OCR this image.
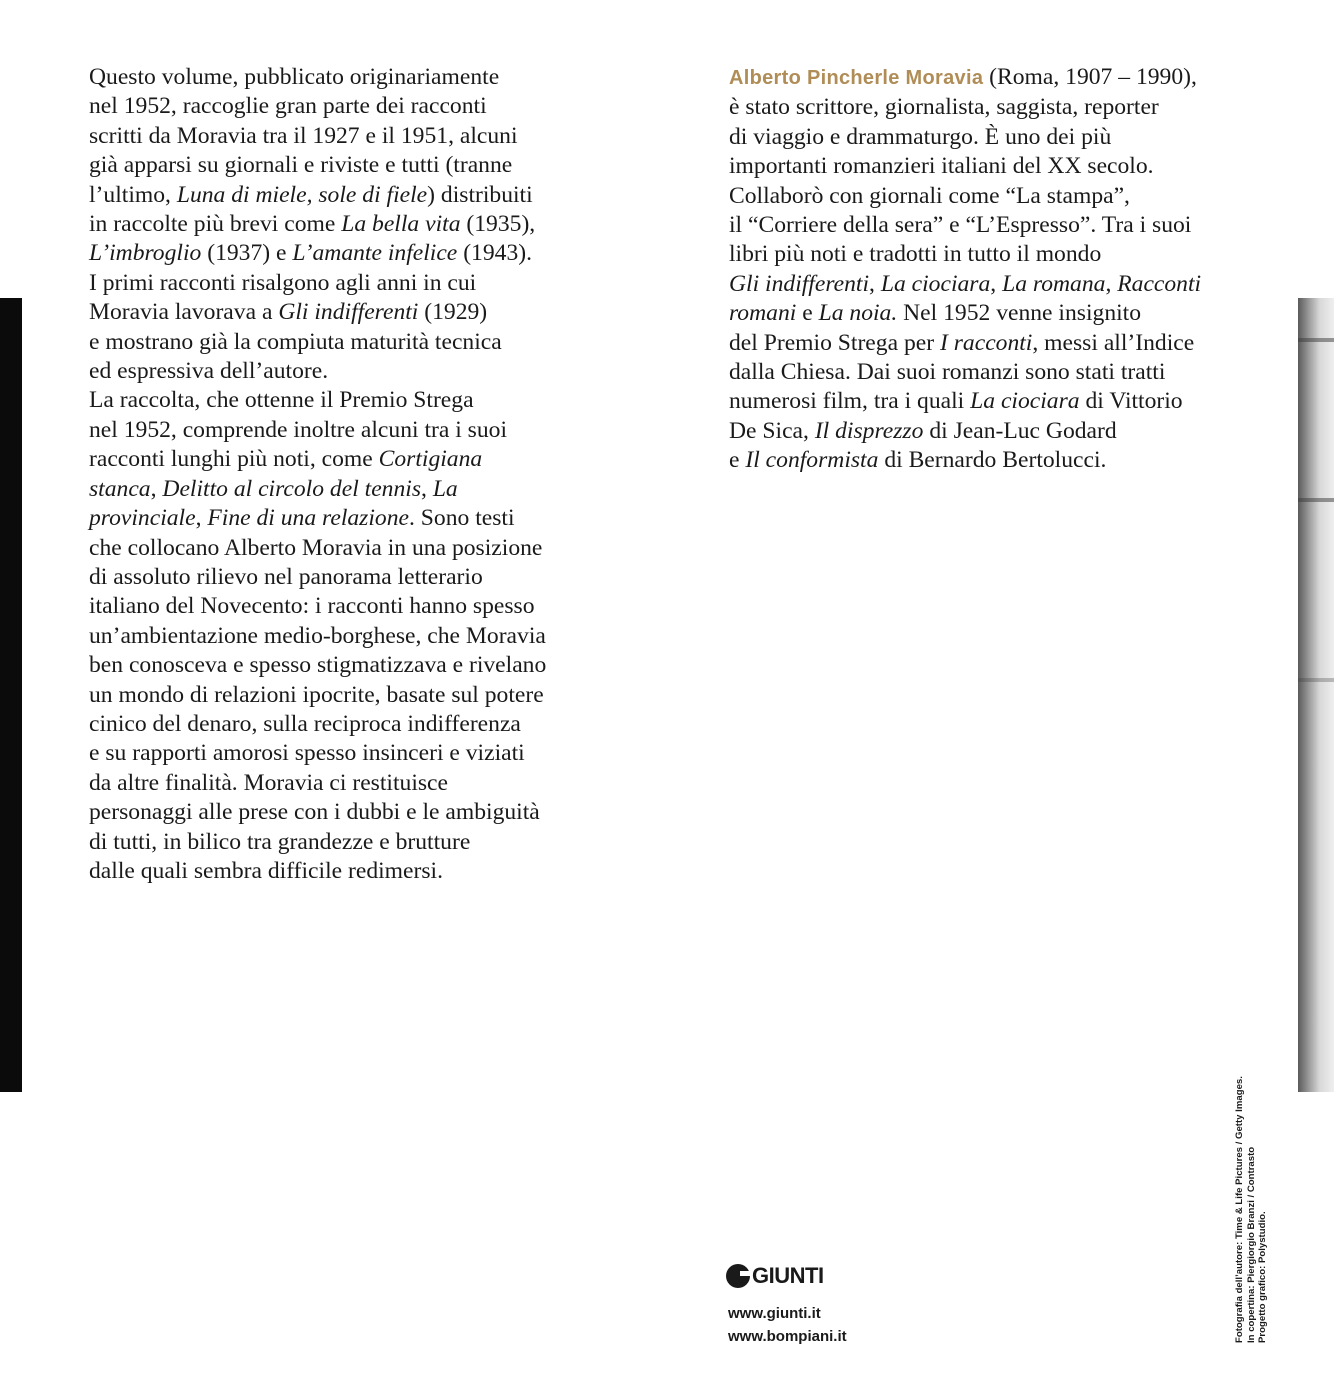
Questo volume, pubblicato originariamente
nel 1952, raccoglie gran parte dei racconti
scritti da Moravia tra il 1927 e il 1951, alcuni
già apparsi su giornali e riviste e tutti (tranne
l’ultimo, Luna di miele, sole di fiele) distribuiti
in raccolte più brevi come La bella vita (1935),
L’imbroglio (1937) e L’amante infelice (1943).
I primi racconti risalgono agli anni in cui
Moravia lavorava a Gli indifferenti (1929)
e mostrano già la compiuta maturità tecnica
ed espressiva dell’autore.
La raccolta, che ottenne il Premio Strega
nel 1952, comprende inoltre alcuni tra i suoi
racconti lunghi più noti, come Cortigiana
stanca, Delitto al circolo del tennis, La
provinciale, Fine di una relazione. Sono testi
che collocano Alberto Moravia in una posizione
di assoluto rilievo nel panorama letterario
italiano del Novecento: i racconti hanno spesso
un’ambientazione medio-borghese, che Moravia
ben conosceva e spesso stigmatizzava e rivelano
un mondo di relazioni ipocrite, basate sul potere
cinico del denaro, sulla reciproca indifferenza
e su rapporti amorosi spesso insinceri e viziati
da altre finalità. Moravia ci restituisce
personaggi alle prese con i dubbi e le ambiguità
di tutti, in bilico tra grandezze e brutture
dalle quali sembra difficile redimersi.
Alberto Pincherle Moravia (Roma, 1907 – 1990),
è stato scrittore, giornalista, saggista, reporter
di viaggio e drammaturgo. È uno dei più
importanti romanzieri italiani del XX secolo.
Collaborò con giornali come “La stampa”,
il “Corriere della sera” e “L’Espresso”. Tra i suoi
libri più noti e tradotti in tutto il mondo
Gli indifferenti, La ciociara, La romana, Racconti
romani e La noia. Nel 1952 venne insignito
del Premio Strega per I racconti, messi all’Indice
dalla Chiesa. Dai suoi romanzi sono stati tratti
numerosi film, tra i quali La ciociara di Vittorio
De Sica, Il disprezzo di Jean-Luc Godard
e Il conformista di Bernardo Bertolucci.
GIUNTI
www.giunti.it
www.bompiani.it	Fotografia dell’autore: Time & Life Pictures / Getty Images. In copertina: Piergiorgio Branzi / Contrasto Progetto grafico: Polystudio.
